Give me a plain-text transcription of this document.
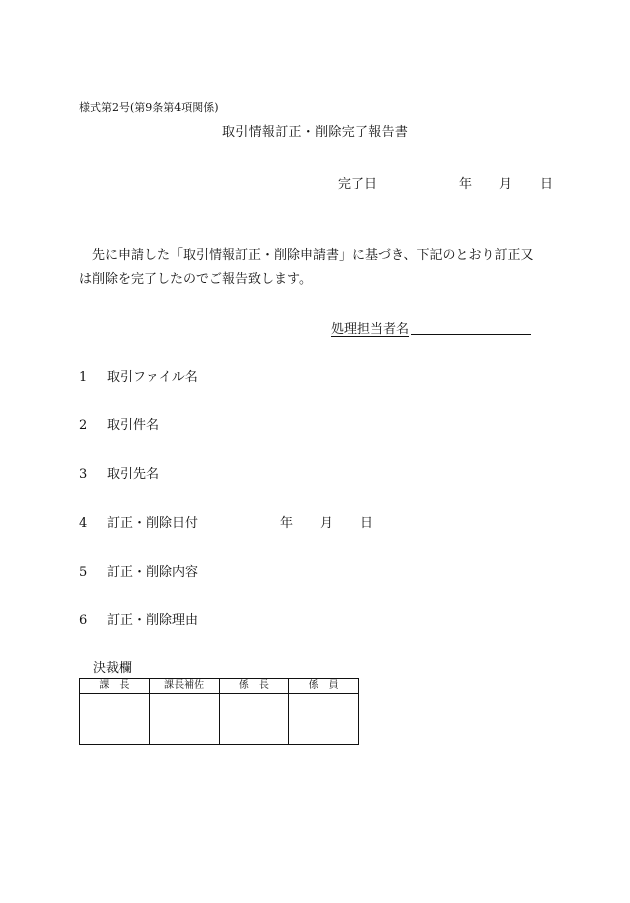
様式第2号(第9条第4項関係)
取引情報訂正・削除完了報告書
完了日	年 月 日
先に申請した「取引情報訂正・削除申請書」に基づき、下記のとおり訂正又
は削除を完了したのでご報告致します。
処理担当者名
1 取引ファイル名
2 取引件名
3 取引先名
4 訂正・削除日付	年 月 日
5 訂正・削除内容
6 訂正・削除理由
決裁欄
課　長	課長補佐	係　長	係　員
